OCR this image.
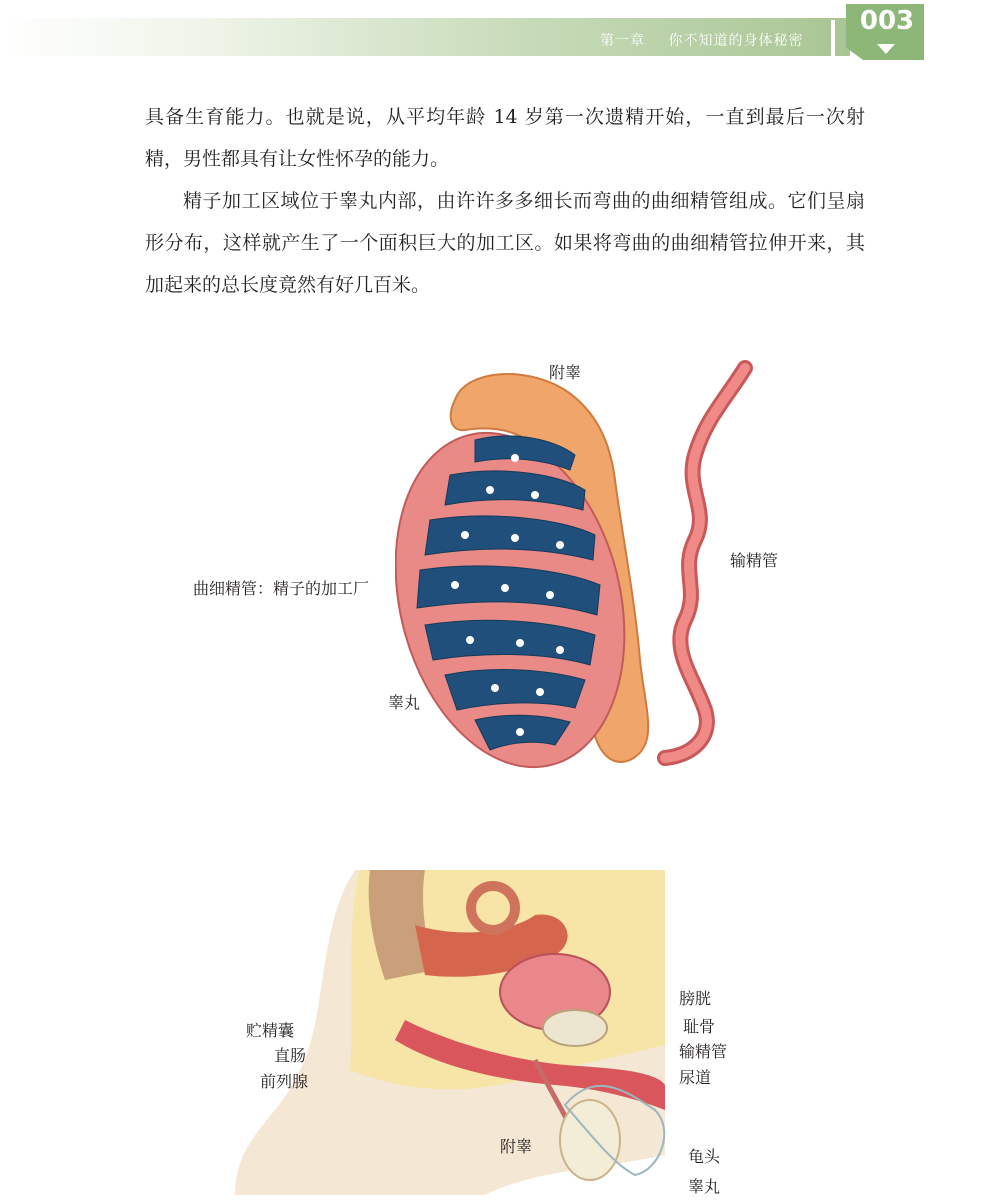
第一章 你不知道的身体秘密
003

具备生育能力。也就是说，从平均年龄 14 岁第一次遗精开始，一直到最后一次射精，男性都具有让女性怀孕的能力。

精子加工区域位于睾丸内部，由许许多多细长而弯曲的曲细精管组成。它们呈扇形分布，这样就产生了一个面积巨大的加工区。如果将弯曲的曲细精管拉伸开来，其加起来的总长度竟然有好几百米。

附睾
输精管
曲细精管：精子的加工厂
睾丸
膀胱
耻骨
输精管
尿道
贮精囊
直肠
前列腺
附睾
龟头
睾丸
